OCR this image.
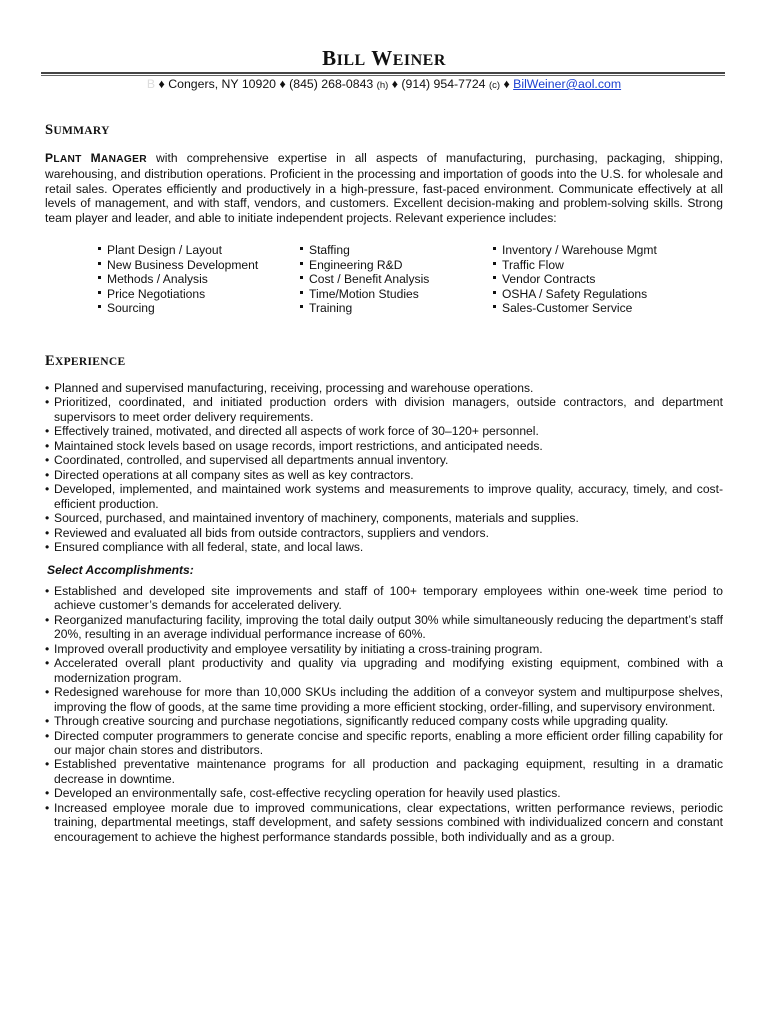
BILL WEINER
B ♦ Congers, NY 10920 ♦ (845) 268-0843 (h) ♦ (914) 954-7724 (c) ♦ BilWeiner@aol.com
SUMMARY
PLANT MANAGER with comprehensive expertise in all aspects of manufacturing, purchasing, packaging, shipping, warehousing, and distribution operations. Proficient in the processing and importation of goods into the U.S. for wholesale and retail sales. Operates efficiently and productively in a high-pressure, fast-paced environment. Communicate effectively at all levels of management, and with staff, vendors, and customers. Excellent decision-making and problem-solving skills. Strong team player and leader, and able to initiate independent projects. Relevant experience includes:
Plant Design / Layout
New Business Development
Methods / Analysis
Price Negotiations
Sourcing
Staffing
Engineering R&D
Cost / Benefit Analysis
Time/Motion Studies
Training
Inventory / Warehouse Mgmt
Traffic Flow
Vendor Contracts
OSHA / Safety Regulations
Sales-Customer Service
EXPERIENCE
• Planned and supervised manufacturing, receiving, processing and warehouse operations.
• Prioritized, coordinated, and initiated production orders with division managers, outside contractors, and department supervisors to meet order delivery requirements.
• Effectively trained, motivated, and directed all aspects of work force of 30–120+ personnel.
• Maintained stock levels based on usage records, import restrictions, and anticipated needs.
• Coordinated, controlled, and supervised all departments annual inventory.
• Directed operations at all company sites as well as key contractors.
• Developed, implemented, and maintained work systems and measurements to improve quality, accuracy, timely, and cost-efficient production.
• Sourced, purchased, and maintained inventory of machinery, components, materials and supplies.
• Reviewed and evaluated all bids from outside contractors, suppliers and vendors.
• Ensured compliance with all federal, state, and local laws.
Select Accomplishments:
• Established and developed site improvements and staff of 100+ temporary employees within one-week time period to achieve customer’s demands for accelerated delivery.
• Reorganized manufacturing facility, improving the total daily output 30% while simultaneously reducing the department’s staff 20%, resulting in an average individual performance increase of 60%.
• Improved overall productivity and employee versatility by initiating a cross-training program.
• Accelerated overall plant productivity and quality via upgrading and modifying existing equipment, combined with a modernization program.
• Redesigned warehouse for more than 10,000 SKUs including the addition of a conveyor system and multipurpose shelves, improving the flow of goods, at the same time providing a more efficient stocking, order-filling, and supervisory environment.
• Through creative sourcing and purchase negotiations, significantly reduced company costs while upgrading quality.
• Directed computer programmers to generate concise and specific reports, enabling a more efficient order filling capability for our major chain stores and distributors.
• Established preventative maintenance programs for all production and packaging equipment, resulting in a dramatic decrease in downtime.
• Developed an environmentally safe, cost-effective recycling operation for heavily used plastics.
• Increased employee morale due to improved communications, clear expectations, written performance reviews, periodic training, departmental meetings, staff development, and safety sessions combined with individualized concern and constant encouragement to achieve the highest performance standards possible, both individually and as a group.
